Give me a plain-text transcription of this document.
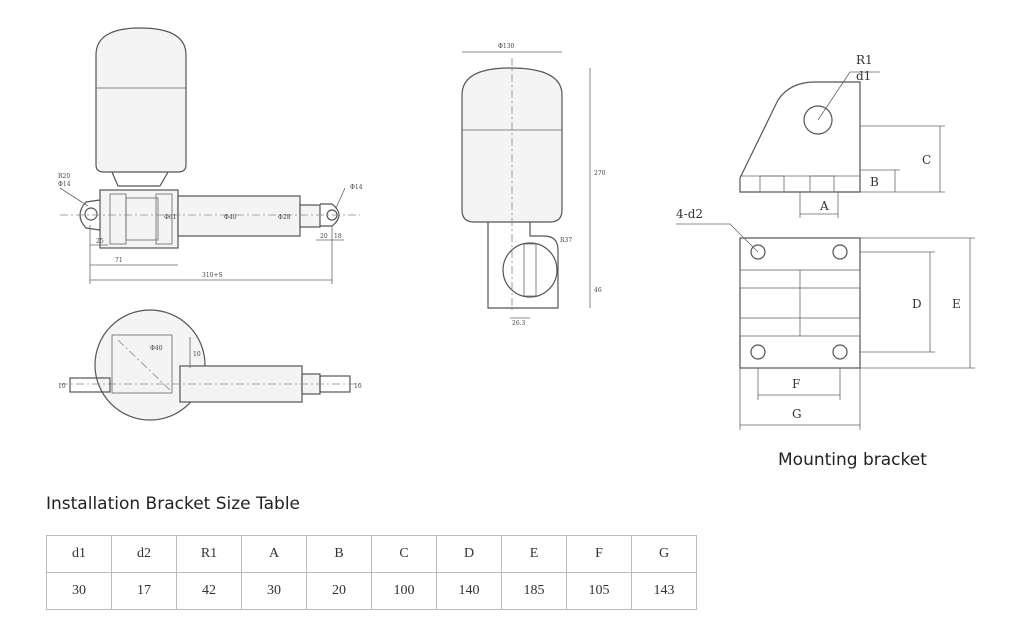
R20
Φ14	Φ14
25
71
310+S
Φ61	Φ40	Φ28
20 18
Φ40
10
10	10
Φ130
270
R37
46
26.3
R1
d1
C
B
A
4-d2
D	E
F
G
Mounting bracket
Installation Bracket Size Table
d1	d2	R1	A	B	C	D	E	F	G
30	17	42	30	20	100	140	185	105	143
